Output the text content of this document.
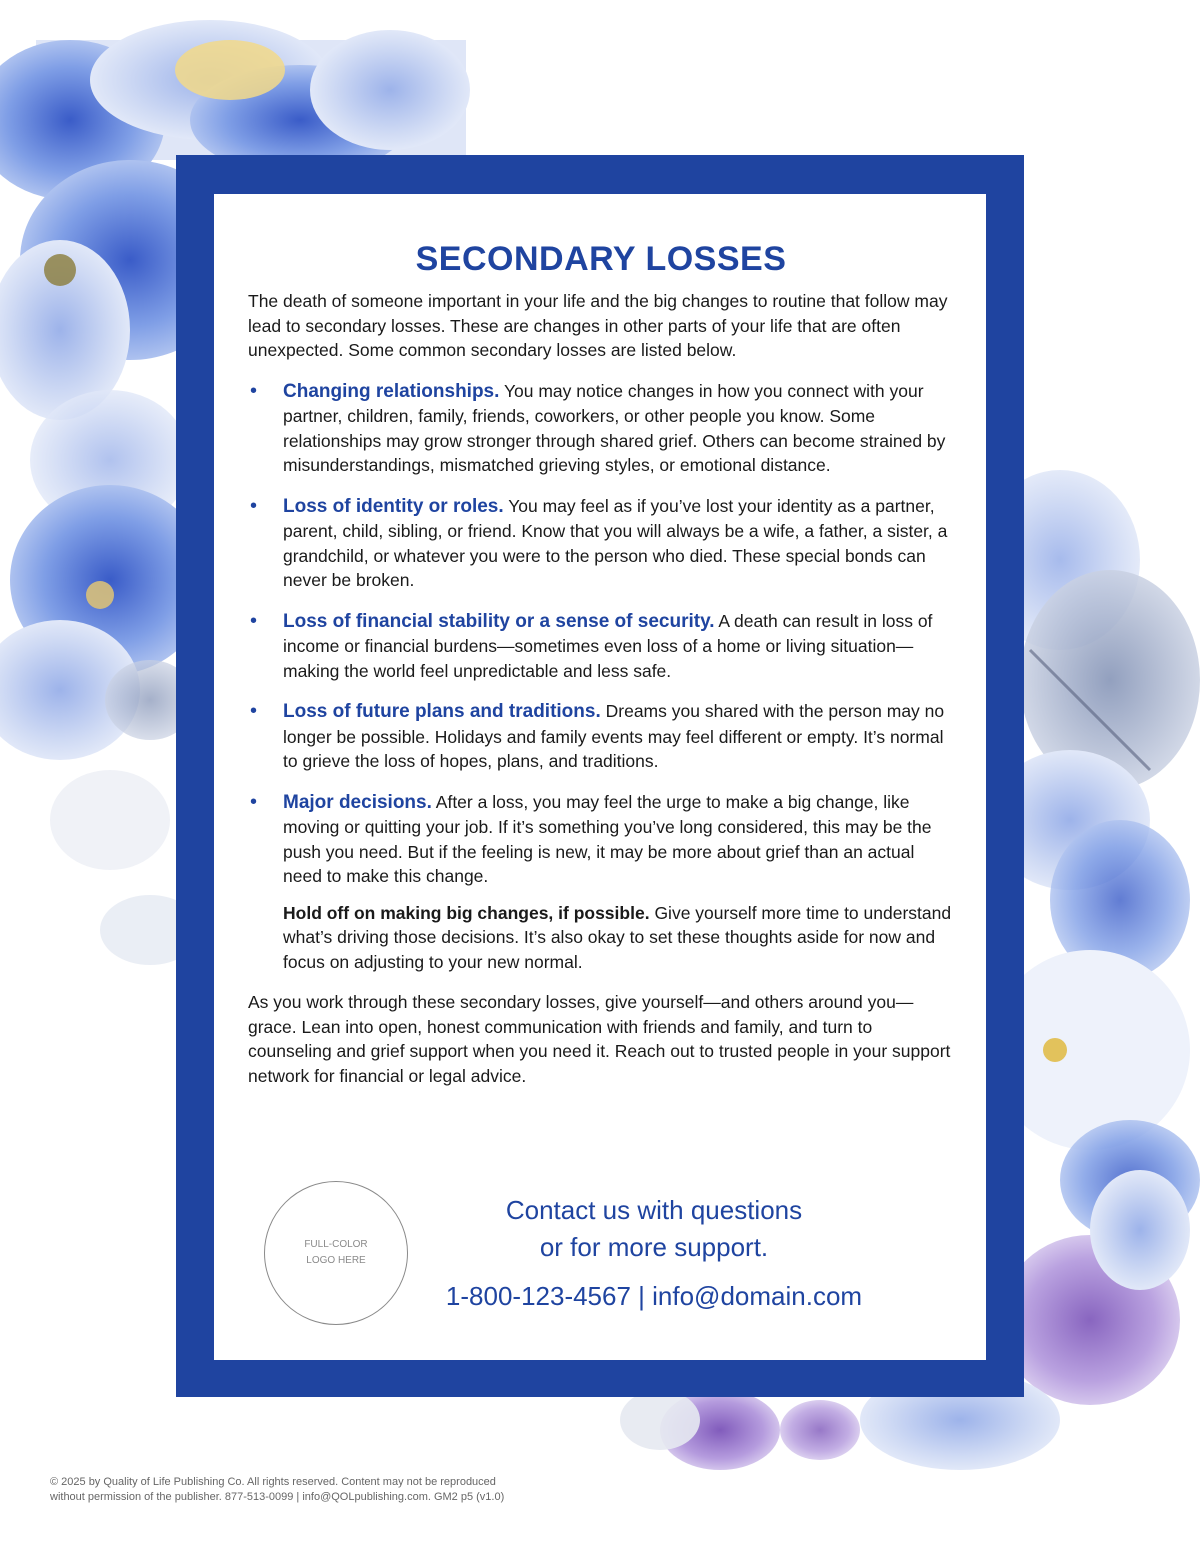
SECONDARY LOSSES

The death of someone important in your life and the big changes to routine that follow may lead to secondary losses. These are changes in other parts of your life that are often unexpected. Some common secondary losses are listed below.

• Changing relationships. You may notice changes in how you connect with your partner, children, family, friends, coworkers, or other people you know. Some relationships may grow stronger through shared grief. Others can become strained by misunderstandings, mismatched grieving styles, or emotional distance.
• Loss of identity or roles. You may feel as if you’ve lost your identity as a partner, parent, child, sibling, or friend. Know that you will always be a wife, a father, a sister, a grandchild, or whatever you were to the person who died. These special bonds can never be broken.
• Loss of financial stability or a sense of security. A death can result in loss of income or financial burdens—sometimes even loss of a home or living situation—making the world feel unpredictable and less safe.
• Loss of future plans and traditions. Dreams you shared with the person may no longer be possible. Holidays and family events may feel different or empty. It’s normal to grieve the loss of hopes, plans, and traditions.
• Major decisions. After a loss, you may feel the urge to make a big change, like moving or quitting your job. If it’s something you’ve long considered, this may be the push you need. But if the feeling is new, it may be more about grief than an actual need to make this change.

Hold off on making big changes, if possible. Give yourself more time to understand what’s driving those decisions. It’s also okay to set these thoughts aside for now and focus on adjusting to your new normal.

As you work through these secondary losses, give yourself—and others around you—grace. Lean into open, honest communication with friends and family, and turn to counseling and grief support when you need it. Reach out to trusted people in your support network for financial or legal advice.

FULL-COLOR
LOGO HERE
Contact us with questions
or for more support.
1-800-123-4567 | info@domain.com
© 2025 by Quality of Life Publishing Co. All rights reserved. Content may not be reproduced
without permission of the publisher. 877-513-0099 | info@QOLpublishing.com. GM2 p5 (v1.0)
